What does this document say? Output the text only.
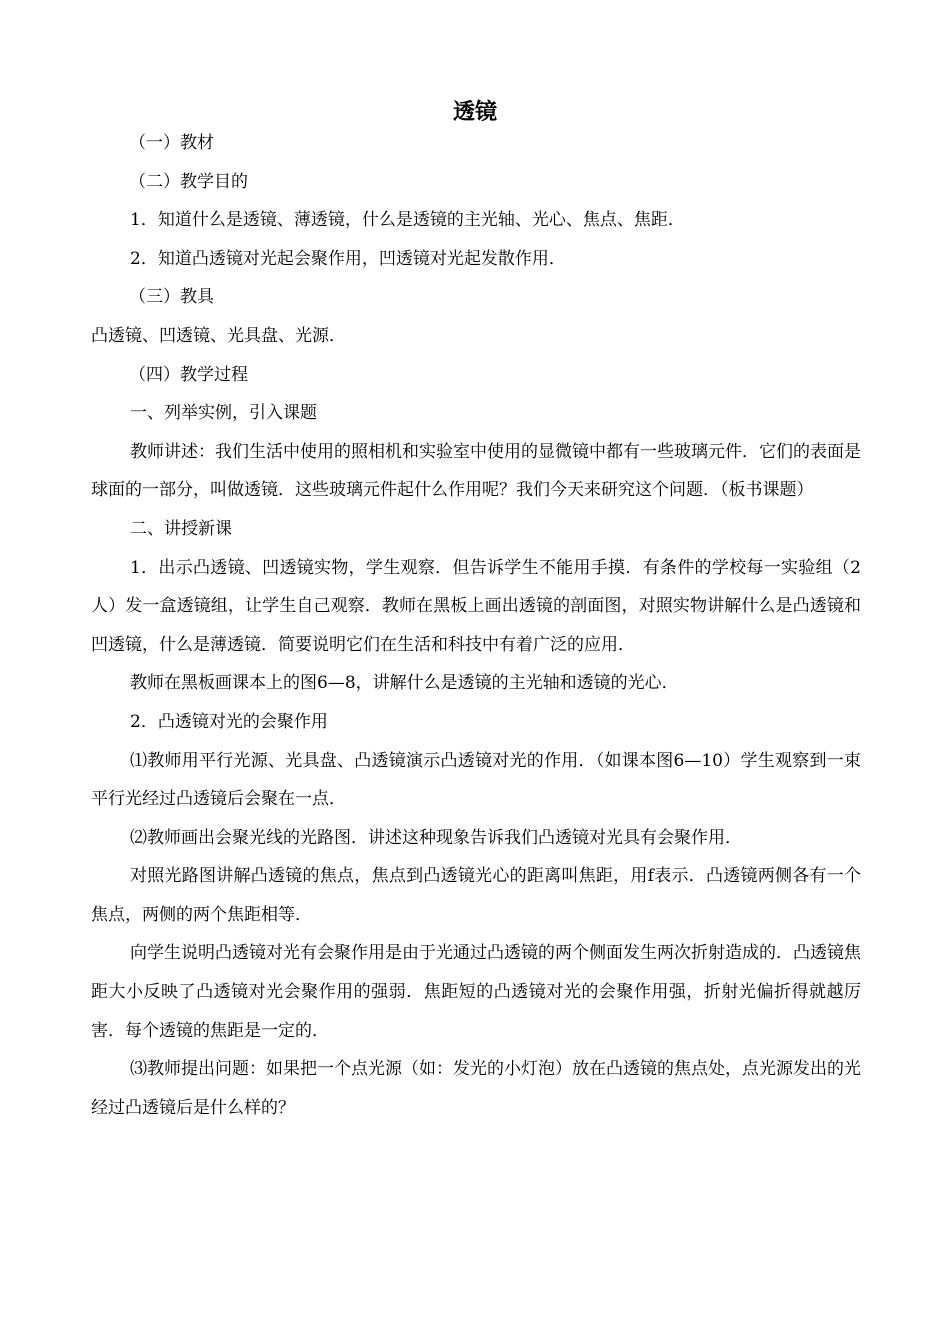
透镜

（一）教材

（二）教学目的

1．知道什么是透镜、薄透镜，什么是透镜的主光轴、光心、焦点、焦距．

2．知道凸透镜对光起会聚作用，凹透镜对光起发散作用．

（三）教具

凸透镜、凹透镜、光具盘、光源．

（四）教学过程

一、列举实例，引入课题

教师讲述：我们生活中使用的照相机和实验室中使用的显微镜中都有一些玻璃元件．它们的表面是球面的一部分，叫做透镜．这些玻璃元件起什么作用呢？我们今天来研究这个问题．（板书课题）

二、讲授新课

1．出示凸透镜、凹透镜实物，学生观察．但告诉学生不能用手摸．有条件的学校每一实验组（2人）发一盒透镜组，让学生自己观察．教师在黑板上画出透镜的剖面图，对照实物讲解什么是凸透镜和凹透镜，什么是薄透镜．简要说明它们在生活和科技中有着广泛的应用．

教师在黑板画课本上的图6—8，讲解什么是透镜的主光轴和透镜的光心．

2．凸透镜对光的会聚作用

⑴教师用平行光源、光具盘、凸透镜演示凸透镜对光的作用．（如课本图6—10）学生观察到一束平行光经过凸透镜后会聚在一点．

⑵教师画出会聚光线的光路图．讲述这种现象告诉我们凸透镜对光具有会聚作用．

对照光路图讲解凸透镜的焦点，焦点到凸透镜光心的距离叫焦距，用f表示．凸透镜两侧各有一个焦点，两侧的两个焦距相等．

向学生说明凸透镜对光有会聚作用是由于光通过凸透镜的两个侧面发生两次折射造成的．凸透镜焦距大小反映了凸透镜对光会聚作用的强弱．焦距短的凸透镜对光的会聚作用强，折射光偏折得就越厉害．每个透镜的焦距是一定的．

⑶教师提出问题：如果把一个点光源（如：发光的小灯泡）放在凸透镜的焦点处，点光源发出的光经过凸透镜后是什么样的？
